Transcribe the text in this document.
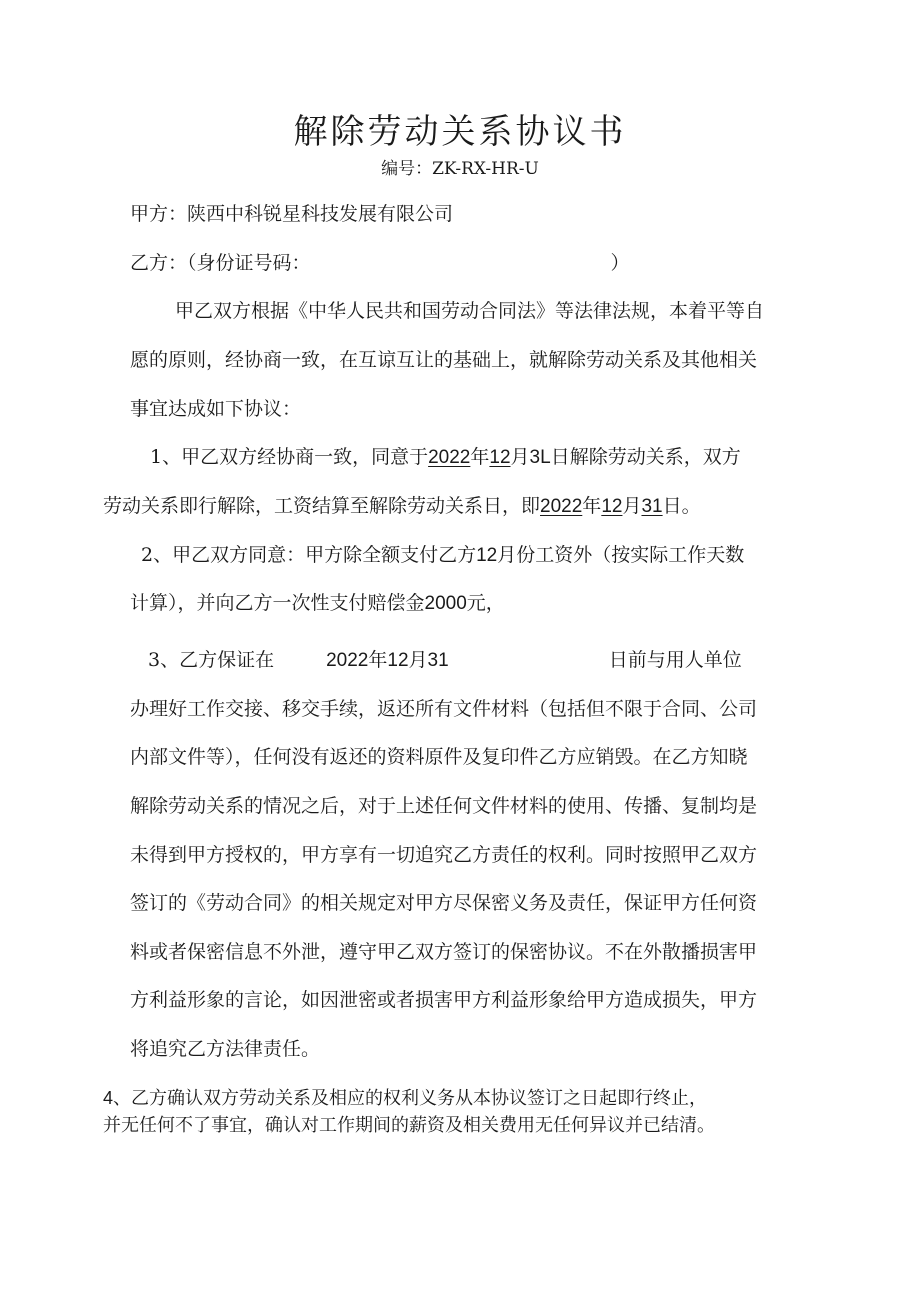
解除劳动关系协议书
编号：ZK-RX-HR-U
甲方：陕西中科锐星科技发展有限公司
乙方：（身份证号码：	）
甲乙双方根据《中华人民共和国劳动合同法》等法律法规，本着平等自
愿的原则，经协商一致，在互谅互让的基础上，就解除劳动关系及其他相关
事宜达成如下协议：
1、甲乙双方经协商一致，同意于2022年12月3L日解除劳动关系，双方
劳动关系即行解除，工资结算至解除劳动关系日，即2022年12月31日。
2、甲乙双方同意：甲方除全额支付乙方12月份工资外（按实际工作天数
计算），并向乙方一次性支付赔偿金2000元，
3、乙方保证在	2022年12月31	日前与用人单位
办理好工作交接、移交手续，返还所有文件材料（包括但不限于合同、公司
内部文件等），任何没有返还的资料原件及复印件乙方应销毁。在乙方知晓
解除劳动关系的情况之后，对于上述任何文件材料的使用、传播、复制均是
未得到甲方授权的，甲方享有一切追究乙方责任的权利。同时按照甲乙双方
签订的《劳动合同》的相关规定对甲方尽保密义务及责任，保证甲方任何资
料或者保密信息不外泄，遵守甲乙双方签订的保密协议。不在外散播损害甲
方利益形象的言论，如因泄密或者损害甲方利益形象给甲方造成损失，甲方
将追究乙方法律责任。
4、乙方确认双方劳动关系及相应的权利义务从本协议签订之日起即行终止，
并无任何不了事宜，确认对工作期间的薪资及相关费用无任何异议并已结清。
